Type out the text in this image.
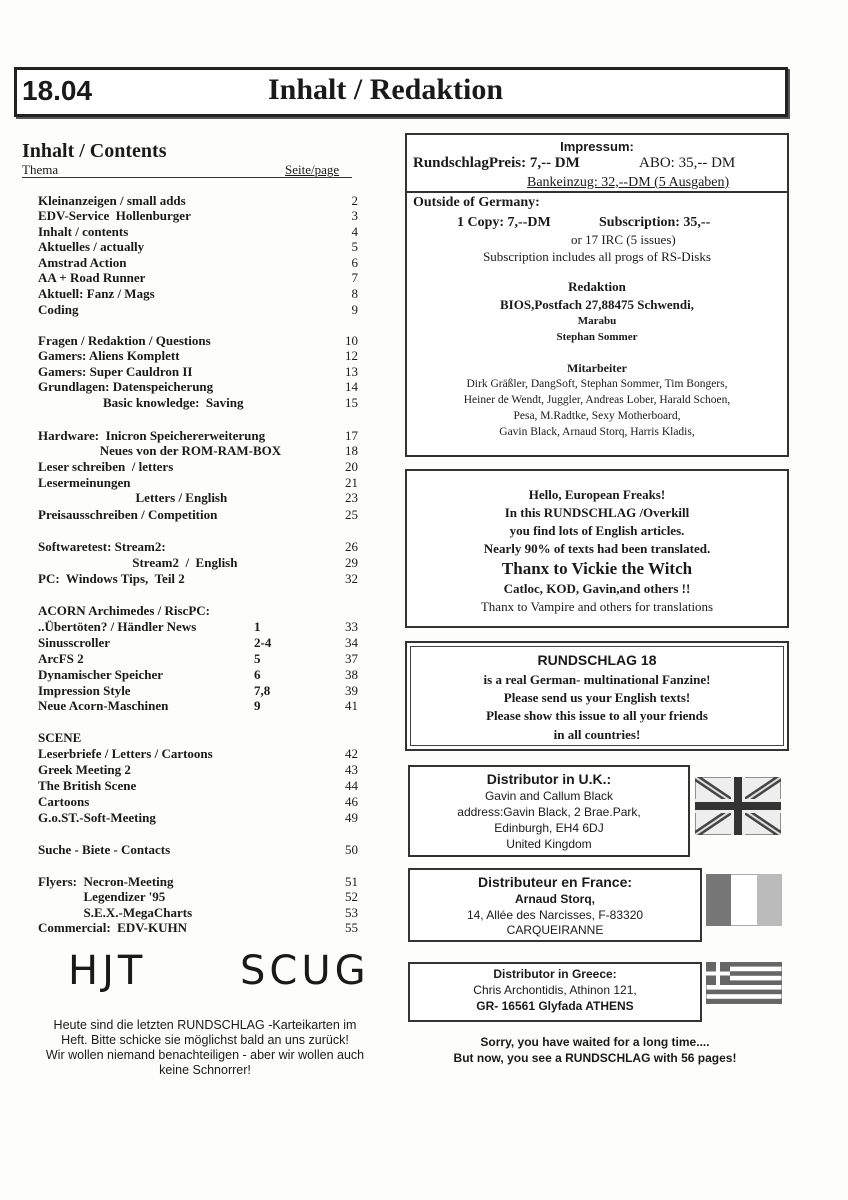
18.04	Inhalt / Redaktion
Inhalt / Contents
Thema	Seite/page
Kleinanzeigen / small adds	2
EDV-Service  Hollenburger	3
Inhalt / contents	4
Aktuelles / actually	5
Amstrad Action	6
AA + Road Runner	7
Aktuell: Fanz / Mags	8
Coding	9
Fragen / Redaktion / Questions	10
Gamers: Aliens Komplett	12
Gamers: Super Cauldron II	13
Grundlagen: Datenspeicherung	14
Basic knowledge:  Saving	15
Hardware:  Inicron Speichererweiterung	17
Neues von der ROM-RAM-BOX	18
Leser schreiben  / letters	20
Lesermeinungen	21
Letters / English	23
Preisausschreiben / Competition	25
Softwaretest: Stream2:	26
Stream2  /  English	29
PC:  Windows Tips,  Teil 2	32
ACORN Archimedes / RiscPC:
..Übertöten? / Händler News	1	33
Sinusscroller	2-4	34
ArcFS 2	5	37
Dynamischer Speicher	6	38
Impression Style	7,8	39
Neue Acorn-Maschinen	9	41
SCENE
Leserbriefe / Letters / Cartoons	42
Greek Meeting 2	43
The British Scene	44
Cartoons	46
G.o.ST.-Soft-Meeting	49
Suche - Biete - Contacts	50
Flyers:  Necron-Meeting	51
Legendizer '95	52
S.E.X.-MegaCharts	53
Commercial:  EDV-KUHN	55
HJT SCUG
Heute sind die letzten RUNDSCHLAG -Karteikarten im
Heft. Bitte schicke sie möglichst bald an uns zurück!
Wir wollen niemand benachteiligen - aber wir wollen auch
keine Schnorrer!
Impressum:
RundschlagPreis: 7,-- DM	ABO: 35,-- DM
Bankeinzug: 32,--DM (5 Ausgaben)
Outside of Germany:
1 Copy: 7,--DM	Subscription: 35,--
or 17 IRC (5 issues)
Subscription includes all progs of RS-Disks
Redaktion
BIOS,Postfach 27,88475 Schwendi,
Marabu
Stephan Sommer
Mitarbeiter
Dirk Gräßler, DangSoft, Stephan Sommer, Tim Bongers,
Heiner de Wendt, Juggler, Andreas Lober, Harald Schoen,
Pesa, M.Radtke, Sexy Motherboard,
Gavin Black, Arnaud Storq, Harris Kladis,
Hello, European Freaks!
In this RUNDSCHLAG /Overkill
you find lots of English articles.
Nearly 90% of texts had been translated.
Thanx to Vickie the Witch
Catloc, KOD, Gavin,and others !!
Thanx to Vampire and others for translations
RUNDSCHLAG 18
is a real German- multinational Fanzine!
Please send us your English texts!
Please show this issue to all your friends
in all countries!
Distributor in U.K.:
Gavin and Callum Black
address:Gavin Black, 2 Brae.Park,
Edinburgh, EH4 6DJ
United Kingdom
Distributeur en France:
Arnaud Storq,
14, Allée des Narcisses, F-83320
CARQUEIRANNE
Distributor in Greece:
Chris Archontidis, Athinon 121,
GR- 16561 Glyfada ATHENS
Sorry, you have waited for a long time....
But now, you see a RUNDSCHLAG with 56 pages!
